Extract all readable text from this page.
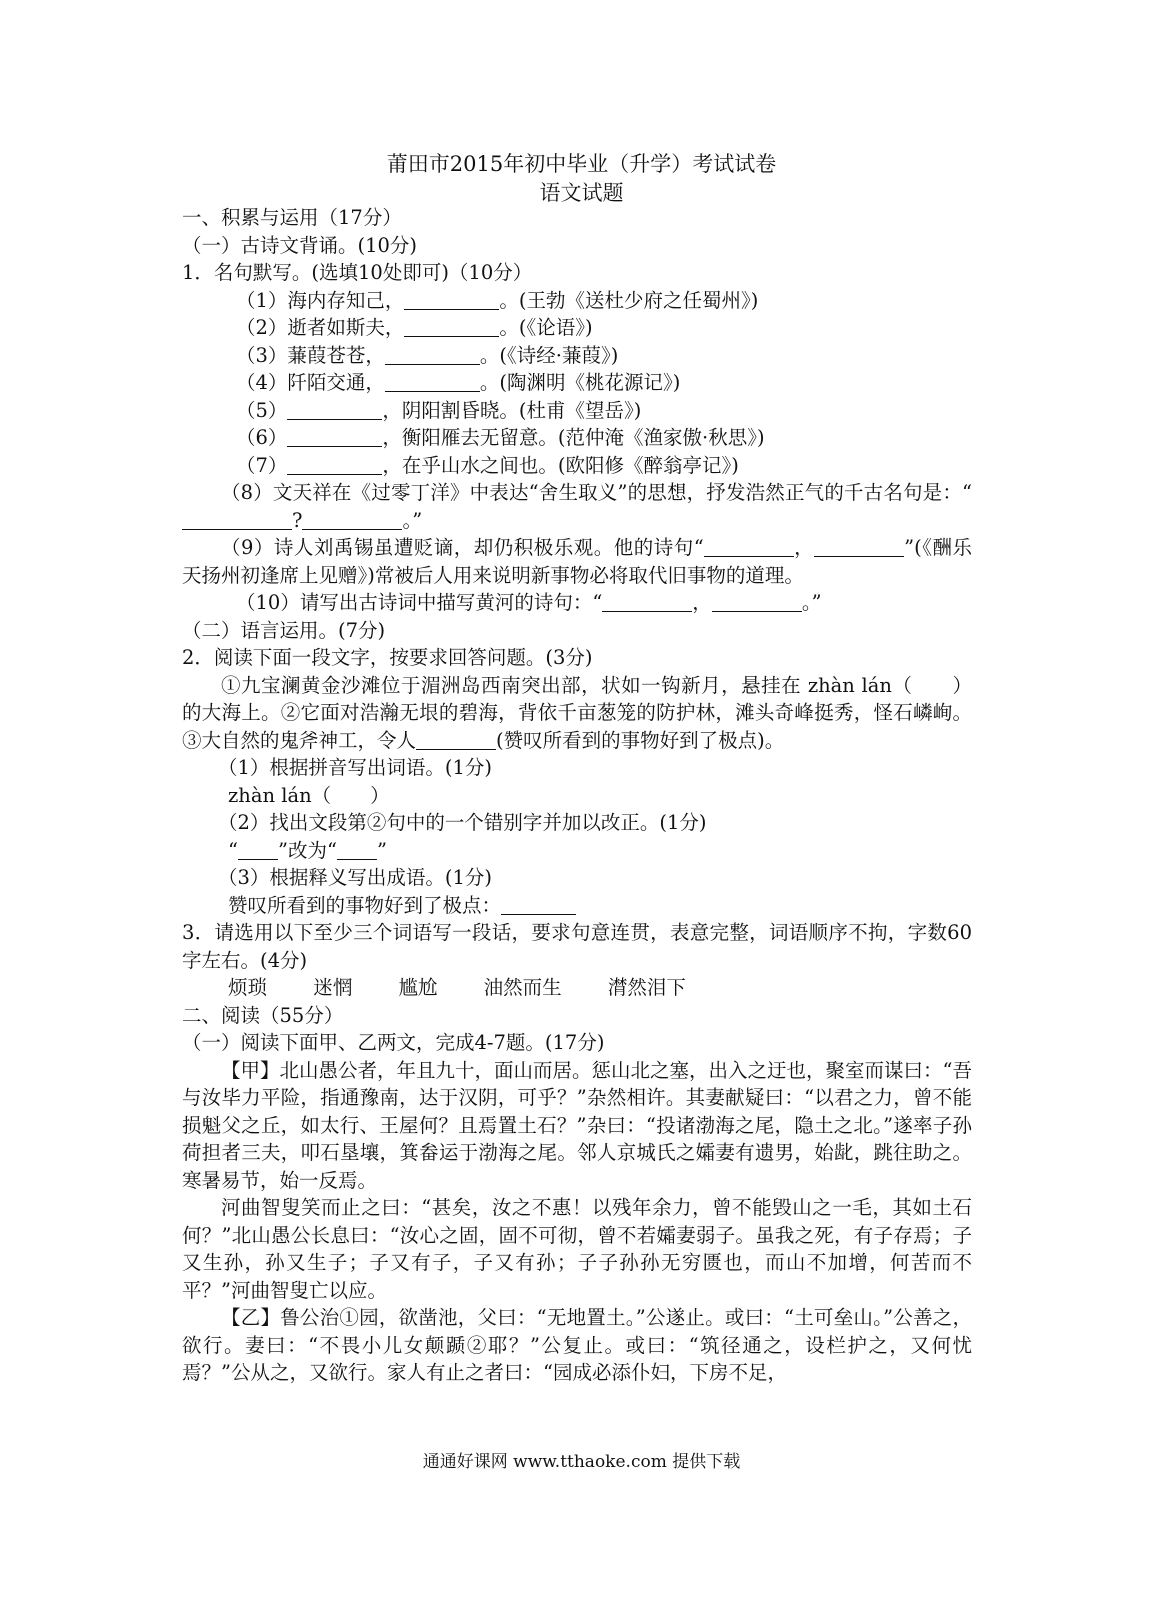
莆田市2015年初中毕业（升学）考试试卷
语文试题
一、积累与运用（17分）
（一）古诗文背诵。(10分)
1．名句默写。(选填10处即可)（10分）
（1）海内存知己，	。(王勃《送杜少府之任蜀州》)
（2）逝者如斯夫，	。(《论语》)
（3）蒹葭苍苍，	。(《诗经·蒹葭》)
（4）阡陌交通，	。(陶渊明《桃花源记》)
（5）	，阴阳割昏晓。(杜甫《望岳》)
（6）	，衡阳雁去无留意。(范仲淹《渔家傲·秋思》)
（7）	，在乎山水之间也。(欧阳修《醉翁亭记》)
（8）文天祥在《过零丁洋》中表达“舍生取义”的思想，抒发浩然正气的千古名句是：“?	。”
（9）诗人刘禹锡虽遭贬谪，却仍积极乐观。他的诗句“	，	”(《酬乐天扬州初逢席上见赠》)常被后人用来说明新事物必将取代旧事物的道理。
（10）请写出古诗词中描写黄河的诗句：“	，	。”
（二）语言运用。(7分)
2．阅读下面一段文字，按要求回答问题。(3分)
①九宝澜黄金沙滩位于湄洲岛西南突出部，状如一钩新月，悬挂在 zhàn lán（　　）的大海上。②它面对浩瀚无垠的碧海，背依千亩葱笼的防护林，滩头奇峰挺秀，怪石嶙峋。③大自然的鬼斧神工，令人	(赞叹所看到的事物好到了极点)。
（1）根据拼音写出词语。(1分)
zhàn lán（　　）
（2）找出文段第②句中的一个错别字并加以改正。(1分)
“ ”改为“ ”
（3）根据释义写出成语。(1分)
赞叹所看到的事物好到了极点：
3．请选用以下至少三个词语写一段话，要求句意连贯，表意完整，词语顺序不拘，字数60字左右。(4分)
烦琐 迷惘 尴尬 油然而生 潸然泪下
二、阅读（55分）
（一）阅读下面甲、乙两文，完成4-7题。(17分)
【甲】北山愚公者，年且九十，面山而居。惩山北之塞，出入之迂也，聚室而谋曰：“吾与汝毕力平险，指通豫南，达于汉阴，可乎？”杂然相许。其妻献疑曰：“以君之力，曾不能损魁父之丘，如太行、王屋何？且焉置土石？”杂曰：“投诸渤海之尾，隐土之北。”遂率子孙荷担者三夫，叩石垦壤，箕畚运于渤海之尾。邻人京城氏之孀妻有遗男，始龀，跳往助之。寒暑易节，始一反焉。
河曲智叟笑而止之曰：“甚矣，汝之不惠！以残年余力，曾不能毁山之一毛，其如土石何？”北山愚公长息曰：“汝心之固，固不可彻，曾不若孀妻弱子。虽我之死，有子存焉；子又生孙，孙又生子；子又有子，子又有孙；子子孙孙无穷匮也，而山不加增，何苦而不平？”河曲智叟亡以应。
【乙】鲁公治①园，欲凿池，父曰：“无地置土。”公遂止。或曰：“土可垒山。”公善之，欲行。妻曰：“不畏小儿女颠踬②耶？”公复止。或曰：“筑径通之，设栏护之，又何忧焉？”公从之，又欲行。家人有止之者曰：“园成必添仆妇，下房不足，
通通好课网 www.tthaoke.com 提供下载
